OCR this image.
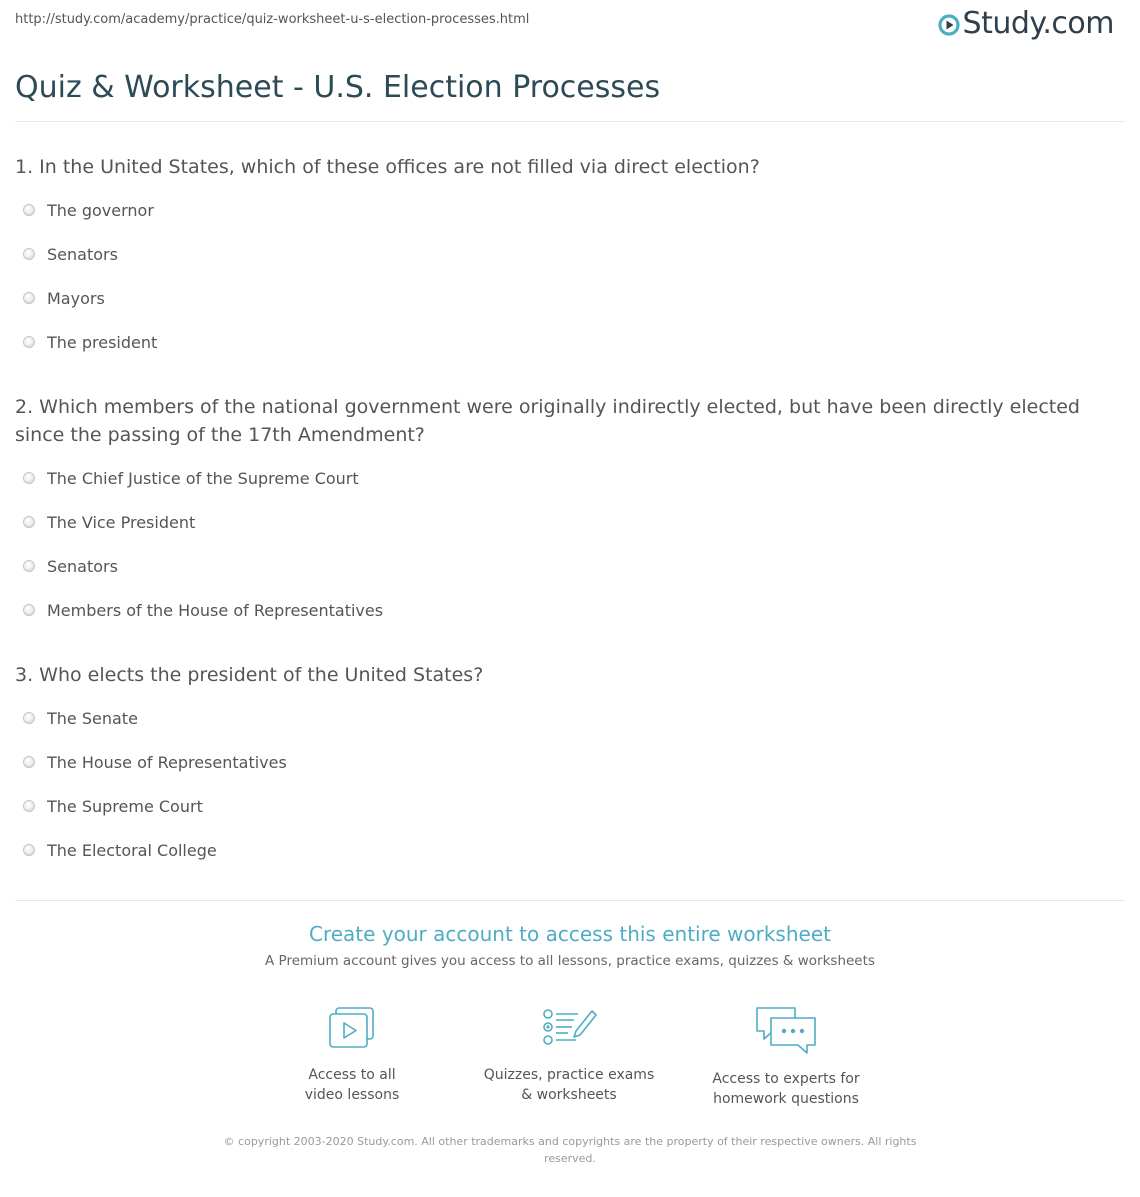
http://study.com/academy/practice/quiz-worksheet-u-s-election-processes.html	Study.com
Quiz & Worksheet - U.S. Election Processes
1. In the United States, which of these offices are not filled via direct election?
The governor
Senators
Mayors
The president
2. Which members of the national government were originally indirectly elected, but have been directly elected since the passing of the 17th Amendment?
The Chief Justice of the Supreme Court
The Vice President
Senators
Members of the House of Representatives
3. Who elects the president of the United States?
The Senate
The House of Representatives
The Supreme Court
The Electoral College
Create your account to access this entire worksheet
A Premium account gives you access to all lessons, practice exams, quizzes & worksheets
Access to all
video lessons
Quizzes, practice exams
& worksheets
Access to experts for
homework questions
© copyright 2003-2020 Study.com. All other trademarks and copyrights are the property of their respective owners. All rights reserved.
